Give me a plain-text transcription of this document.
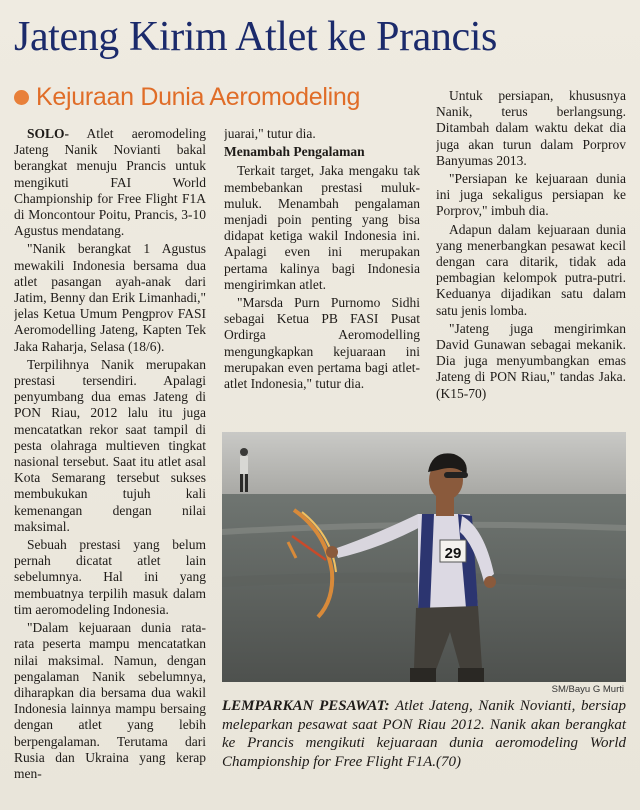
Jateng Kirim Atlet ke Prancis
Kejuraan Dunia Aeromodeling

SOLO- Atlet aeromodeling Jateng Nanik Novianti bakal berangkat menuju Prancis untuk mengikuti FAI World Championship for Free Flight F1A di Moncontour Poitu, Prancis, 3-10 Agustus mendatang.

"Nanik berangkat 1 Agustus mewakili Indonesia bersama dua atlet pasangan ayah-anak dari Jatim, Benny dan Erik Limanhadi," jelas Ketua Umum Pengprov FASI Aeromodelling Jateng, Kapten Tek Jaka Raharja, Selasa (18/6).

Terpilihnya Nanik merupakan prestasi tersendiri. Apalagi penyumbang dua emas Jateng di PON Riau, 2012 lalu itu juga mencatatkan rekor saat tampil di pesta olahraga multieven tingkat nasional tersebut. Saat itu atlet asal Kota Semarang tersebut sukses membukukan tujuh kali kemenangan dengan nilai maksimal.

Sebuah prestasi yang belum pernah dicatat atlet lain sebelumnya. Hal ini yang membuatnya terpilih masuk dalam tim aeromodeling Indonesia.

"Dalam kejuaraan dunia rata-rata peserta mampu mencatatkan nilai maksimal. Namun, dengan pengalaman Nanik sebelumnya, diharapkan dia bersama dua wakil Indonesia lainnya mampu bersaing dengan atlet yang lebih berpengalaman. Terutama dari Rusia dan Ukraina yang kerap men-

juarai," tutur dia.

Menambah Pengalaman

Terkait target, Jaka mengaku tak membebankan prestasi muluk-muluk. Menambah pengalaman menjadi poin penting yang bisa didapat ketiga wakil Indonesia ini. Apalagi even ini merupakan pertama kalinya bagi Indonesia mengirimkan atlet.

"Marsda Purn Purnomo Sidhi sebagai Ketua PB FASI Pusat Ordirga Aeromodelling mengungkapkan kejuaraan ini merupakan even pertama bagi atlet-atlet Indonesia," tutur dia.

Untuk persiapan, khususnya Nanik, terus berlangsung. Ditambah dalam waktu dekat dia juga akan turun dalam Porprov Banyumas 2013.

"Persiapan ke kejuaraan dunia ini juga sekaligus persiapan ke Porprov," imbuh dia.

Adapun dalam kejuaraan dunia yang menerbangkan pesawat kecil dengan cara ditarik, tidak ada pembagian kelompok putra-putri. Keduanya dijadikan satu dalam satu jenis lomba.

"Jateng juga mengirimkan David Gunawan sebagai mekanik. Dia juga menyumbangkan emas Jateng di PON Riau," tandas Jaka. (K15-70)

29
SM/Bayu G Murti
LEMPARKAN PESAWAT: Atlet Jateng, Nanik Novianti, bersiap meleparkan pesawat saat PON Riau 2012. Nanik akan berangkat ke Prancis mengikuti kejuaraan dunia aeromodeling World Championship for Free Flight F1A.(70)
